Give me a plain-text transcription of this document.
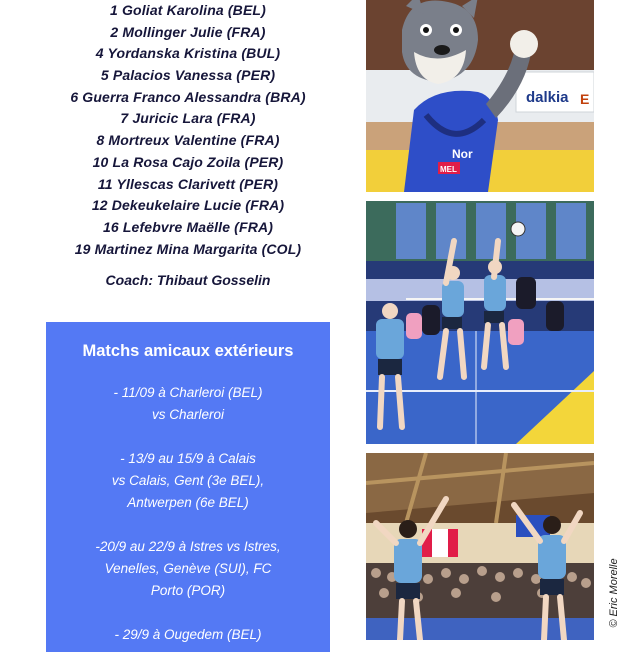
1 Goliat Karolina (BEL)
2 Mollinger Julie (FRA)
4 Yordanska Kristina (BUL)
5 Palacios Vanessa (PER)
6 Guerra Franco Alessandra (BRA)
7 Juricic Lara (FRA)
8 Mortreux Valentine (FRA)
10 La Rosa Cajo Zoila (PER)
11 Yllescas Clarivett (PER)
12 Dekeukelaire Lucie (FRA)
16 Lefebvre Maëlle (FRA)
19 Martinez Mina Margarita (COL)
Coach: Thibaut Gosselin
Matchs amicaux extérieurs
- 11/09 à Charleroi (BEL)
vs Charleroi
- 13/9 au 15/9 à Calais
vs Calais, Gent (3e BEL),
Antwerpen (6e BEL)
-20/9 au 22/9 à Istres vs Istres,
Venelles, Genève (SUI), FC
Porto (POR)
- 29/9 à Ougedem (BEL)
dalkia E
Nor
MEL
© Eric Morelle
